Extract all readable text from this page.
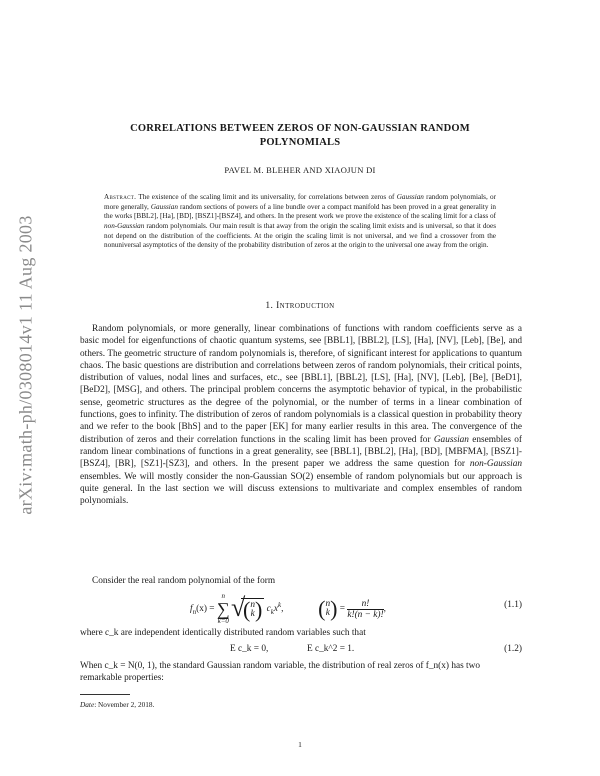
arXiv:math-ph/0308014v1 11 Aug 2003
CORRELATIONS BETWEEN ZEROS OF NON-GAUSSIAN RANDOM
POLYNOMIALS
PAVEL M. BLEHER AND XIAOJUN DI

Abstract. The existence of the scaling limit and its universality, for correlations between zeros of Gaussian random polynomials, or more generally, Gaussian random sections of powers of a line bundle over a compact manifold has been proved in a great generality in the works [BBL2], [Ha], [BD], [BSZ1]-[BSZ4], and others. In the present work we prove the existence of the scaling limit for a class of non-Gaussian random polynomials. Our main result is that away from the origin the scaling limit exists and is universal, so that it does not depend on the distribution of the coefficients. At the origin the scaling limit is not universal, and we find a crossover from the nonuniversal asymptotics of the density of the probability distribution of zeros at the origin to the universal one away from the origin.

1. Introduction

Random polynomials, or more generally, linear combinations of functions with random coefficients serve as a basic model for eigenfunctions of chaotic quantum systems, see [BBL1], [BBL2], [LS], [Ha], [NV], [Leb], [Be], and others. The geometric structure of random polynomials is, therefore, of significant interest for applications to quantum chaos. The basic questions are distribution and correlations between zeros of random polynomials, their critical points, distribution of values, nodal lines and surfaces, etc., see [BBL1], [BBL2], [LS], [Ha], [NV], [Leb], [Be], [BeD1], [BeD2], [MSG], and others. The principal problem concerns the asymptotic behavior of typical, in the probabilistic sense, geometric structures as the degree of the polynomial, or the number of terms in a linear combination of functions, goes to infinity. The distribution of zeros of random polynomials is a classical question in probability theory and we refer to the book [BhS] and to the paper [EK] for many earlier results in this area. The convergence of the distribution of zeros and their correlation functions in the scaling limit has been proved for Gaussian ensembles of random linear combinations of functions in a great generality, see [BBL1], [BBL2], [Ha], [BD], [MBFMA], [BSZ1]-[BSZ4], [BR], [SZ1]-[SZ3], and others. In the present paper we address the same question for non-Gaussian ensembles. We will mostly consider the non-Gaussian SO(2) ensemble of random polynomials but our approach is quite general. In the last section we will discuss extensions to multivariate and complex ensembles of random polynomials.

Consider the real random polynomial of the form

$f_n(x) = n$
∑
k=0 √ ( n
k ) $c_kx^k$, ( n
k ) = $\frac{n!}{k!(n - k)!}$ ,	(1.1)

where c_k are independent identically distributed random variables such that

E c_k = 0,	E c_k^2 = 1.	(1.2)

When c_k = N(0, 1), the standard Gaussian random variable, the distribution of real zeros of f_n(x) has two remarkable properties:

Date: November 2, 2018.

1
